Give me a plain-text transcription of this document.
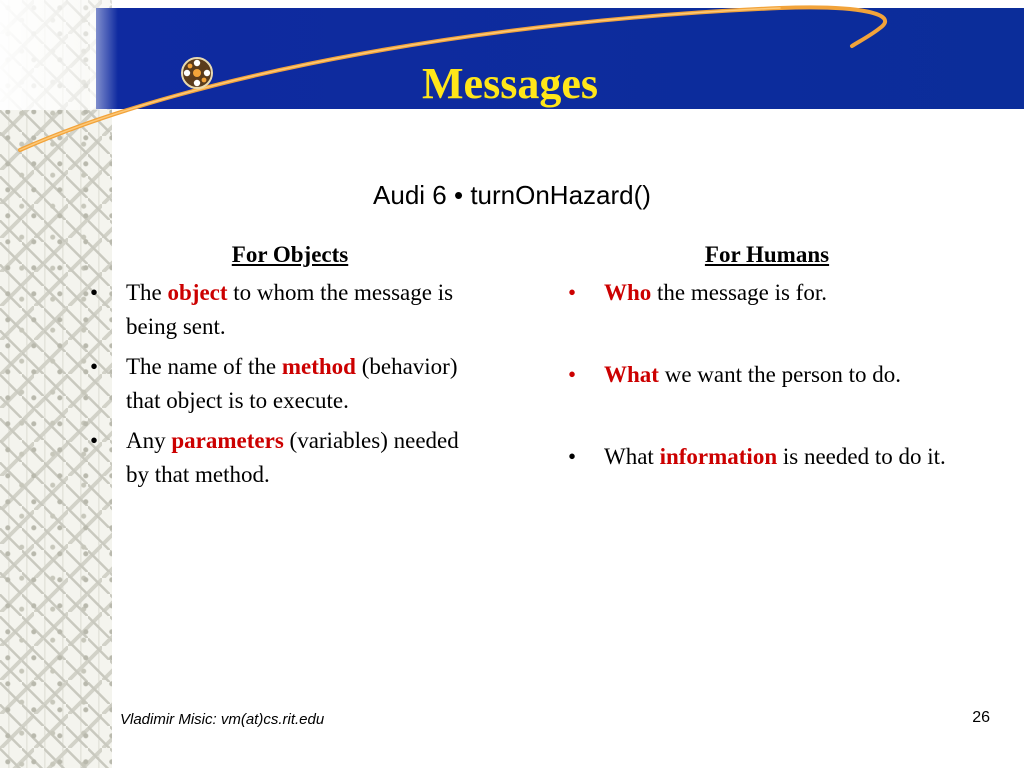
Messages
Audi 6 • turnOnHazard()
For Objects
• The object to whom the message is being sent.
• The name of the method (behavior) that object is to execute.
• Any parameters (variables) needed by that method.
For Humans
• Who the message is for.
• What we want the person to do.
• What information is needed to do it.
Vladimir Misic: vm(at)cs.rit.edu	26
